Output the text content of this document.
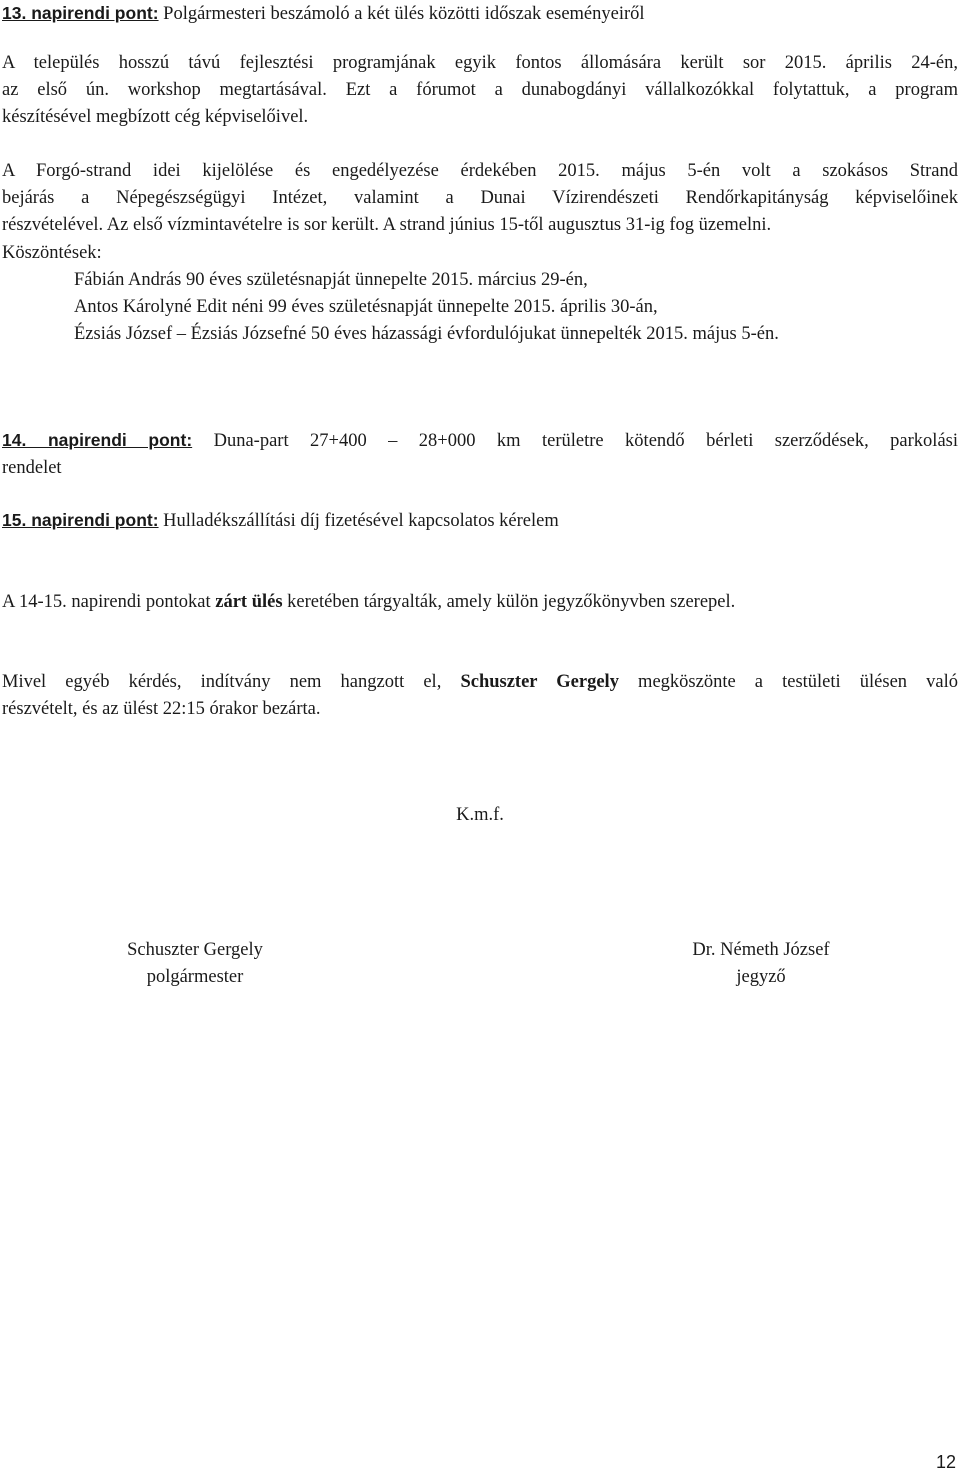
13. napirendi pont: Polgármesteri beszámoló a két ülés közötti időszak eseményeiről
A település hosszú távú fejlesztési programjának egyik fontos állomására került sor 2015. április 24-én,
az első ún. workshop megtartásával. Ezt a fórumot a dunabogdányi vállalkozókkal folytattuk, a program
készítésével megbízott cég képviselőivel.
A Forgó-strand idei kijelölése és engedélyezése érdekében 2015. május 5-én volt a szokásos Strand
bejárás a Népegészségügyi Intézet, valamint a Dunai Vízirendészeti Rendőrkapitányság képviselőinek
részvételével. Az első vízmintavételre is sor került. A strand június 15-től augusztus 31-ig fog üzemelni.
Köszöntések:
Fábián András 90 éves születésnapját ünnepelte 2015. március 29-én,
Antos Károlyné Edit néni 99 éves születésnapját ünnepelte 2015. április 30-án,
Ézsiás József – Ézsiás Józsefné 50 éves házassági évfordulójukat ünnepelték 2015. május 5-én.
14. napirendi pont: Duna-part 27+400 – 28+000 km területre kötendő bérleti szerződések, parkolási
rendelet
15. napirendi pont: Hulladékszállítási díj fizetésével kapcsolatos kérelem
A 14-15. napirendi pontokat zárt ülés keretében tárgyalták, amely külön jegyzőkönyvben szerepel.
Mivel egyéb kérdés, indítvány nem hangzott el, Schuszter Gergely megköszönte a testületi ülésen való
részvételt, és az ülést 22:15 órakor bezárta.
K.m.f.
Schuszter Gergely
polgármester
Dr. Németh József
jegyző
12
